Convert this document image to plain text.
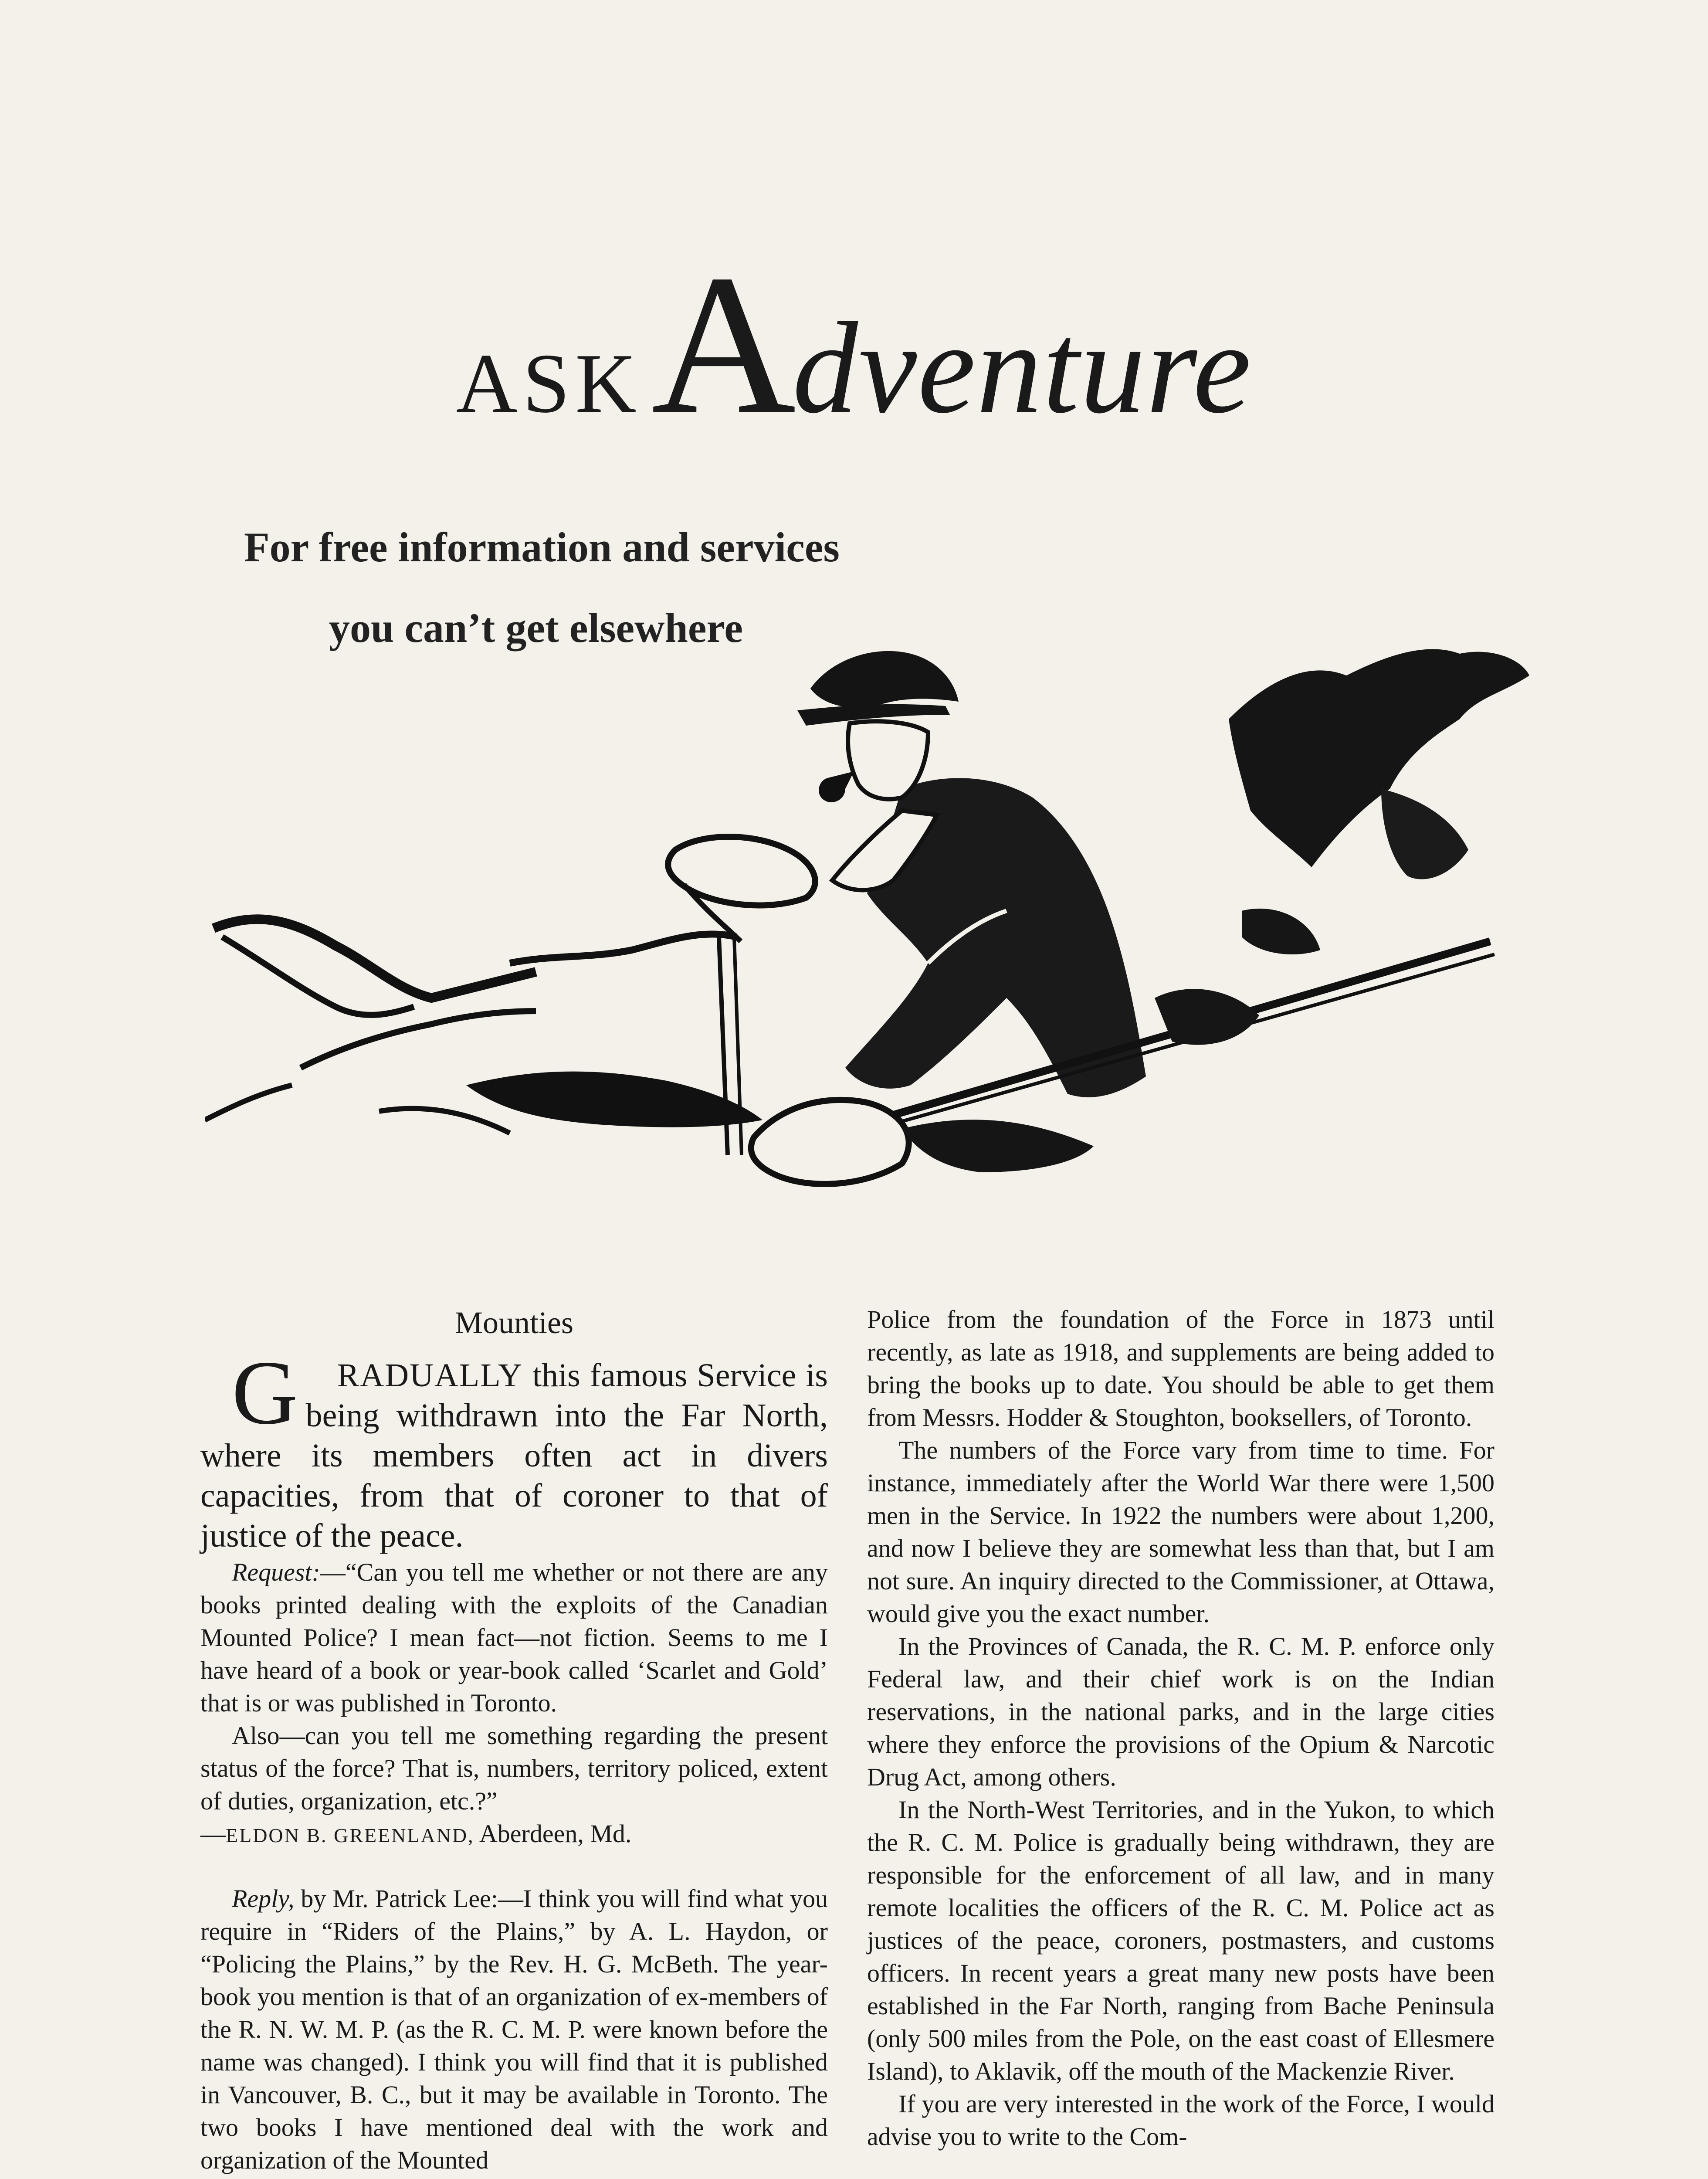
ASKAdventure
For free information and services
you can’t get elsewhere
Mounties

G RADUALLY this famous Service is being withdrawn into the Far North, where its members often act in divers capacities, from that of coroner to that of justice of the peace.

Request:—“Can you tell me whether or not there are any books printed dealing with the exploits of the Canadian Mounted Police? I mean fact—not fiction. Seems to me I have heard of a book or year-book called ‘Scarlet and Gold’ that is or was published in Toronto.

Also—can you tell me something regarding the present status of the force? That is, numbers, territory policed, extent of duties, organization, etc.?”

—ELDON B. GREENLAND, Aberdeen, Md.

Reply, by Mr. Patrick Lee:—I think you will find what you require in “Riders of the Plains,” by A. L. Haydon, or “Policing the Plains,” by the Rev. H. G. McBeth. The year-book you mention is that of an organization of ex-members of the R. N. W. M. P. (as the R. C. M. P. were known before the name was changed). I think you will find that it is published in Vancouver, B. C., but it may be available in Toronto. The two books I have mentioned deal with the work and organization of the Mounted

Police from the foundation of the Force in 1873 until recently, as late as 1918, and supplements are being added to bring the books up to date. You should be able to get them from Messrs. Hodder & Stoughton, booksellers, of Toronto.

The numbers of the Force vary from time to time. For instance, immediately after the World War there were 1,500 men in the Service. In 1922 the numbers were about 1,200, and now I believe they are somewhat less than that, but I am not sure. An inquiry directed to the Commissioner, at Ottawa, would give you the exact number.

In the Provinces of Canada, the R. C. M. P. enforce only Federal law, and their chief work is on the Indian reservations, in the national parks, and in the large cities where they enforce the provisions of the Opium & Narcotic Drug Act, among others.

In the North-West Territories, and in the Yukon, to which the R. C. M. Police is gradually being withdrawn, they are responsible for the enforcement of all law, and in many remote localities the officers of the R. C. M. Police act as justices of the peace, coroners, postmasters, and customs officers. In recent years a great many new posts have been established in the Far North, ranging from Bache Peninsula (only 500 miles from the Pole, on the east coast of Ellesmere Island), to Aklavik, off the mouth of the Mackenzie River.

If you are very interested in the work of the Force, I would advise you to write to the Com-
